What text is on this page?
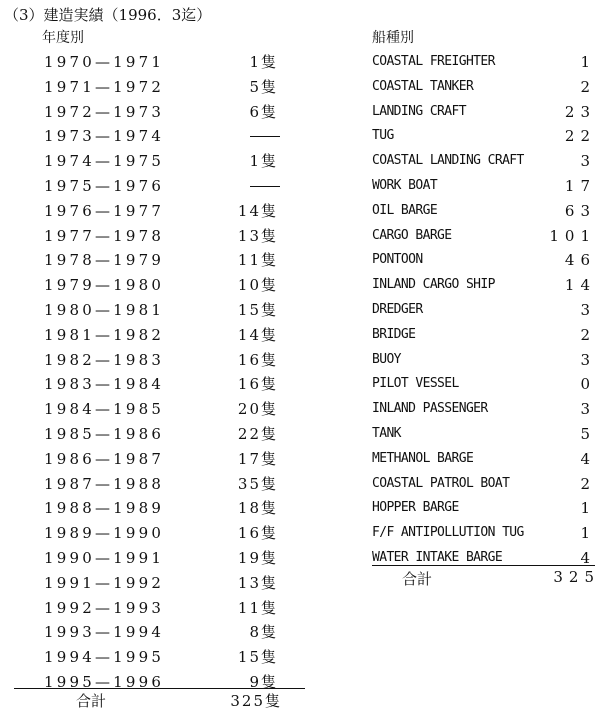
（3）建造実績（1996．3迄）
年度別	船種別
1970—1971	1隻
1971—1972	5隻
1972—1973	6隻
1973—1974
1974—1975	1隻
1975—1976
1976—1977	14隻
1977—1978	13隻
1978—1979	11隻
1979—1980	10隻
1980—1981	15隻
1981—1982	14隻
1982—1983	16隻
1983—1984	16隻
1984—1985	20隻
1985—1986	22隻
1986—1987	17隻
1987—1988	35隻
1988—1989	18隻
1989—1990	16隻
1990—1991	19隻
1991—1992	13隻
1992—1993	11隻
1993—1994	8隻
1994—1995	15隻
1995—1996	9隻
合計	325隻
COASTAL FREIGHTER	1
COASTAL TANKER	2
LANDING CRAFT	23
TUG	22
COASTAL LANDING CRAFT	3
WORK BOAT	17
OIL BARGE	63
CARGO BARGE	101
PONTOON	46
INLAND CARGO SHIP	14
DREDGER	3
BRIDGE	2
BUOY	3
PILOT VESSEL	0
INLAND PASSENGER	3
TANK	5
METHANOL BARGE	4
COASTAL PATROL BOAT	2
HOPPER BARGE	1
F/F ANTIPOLLUTION TUG	1
WATER INTAKE BARGE	4
合計	325
